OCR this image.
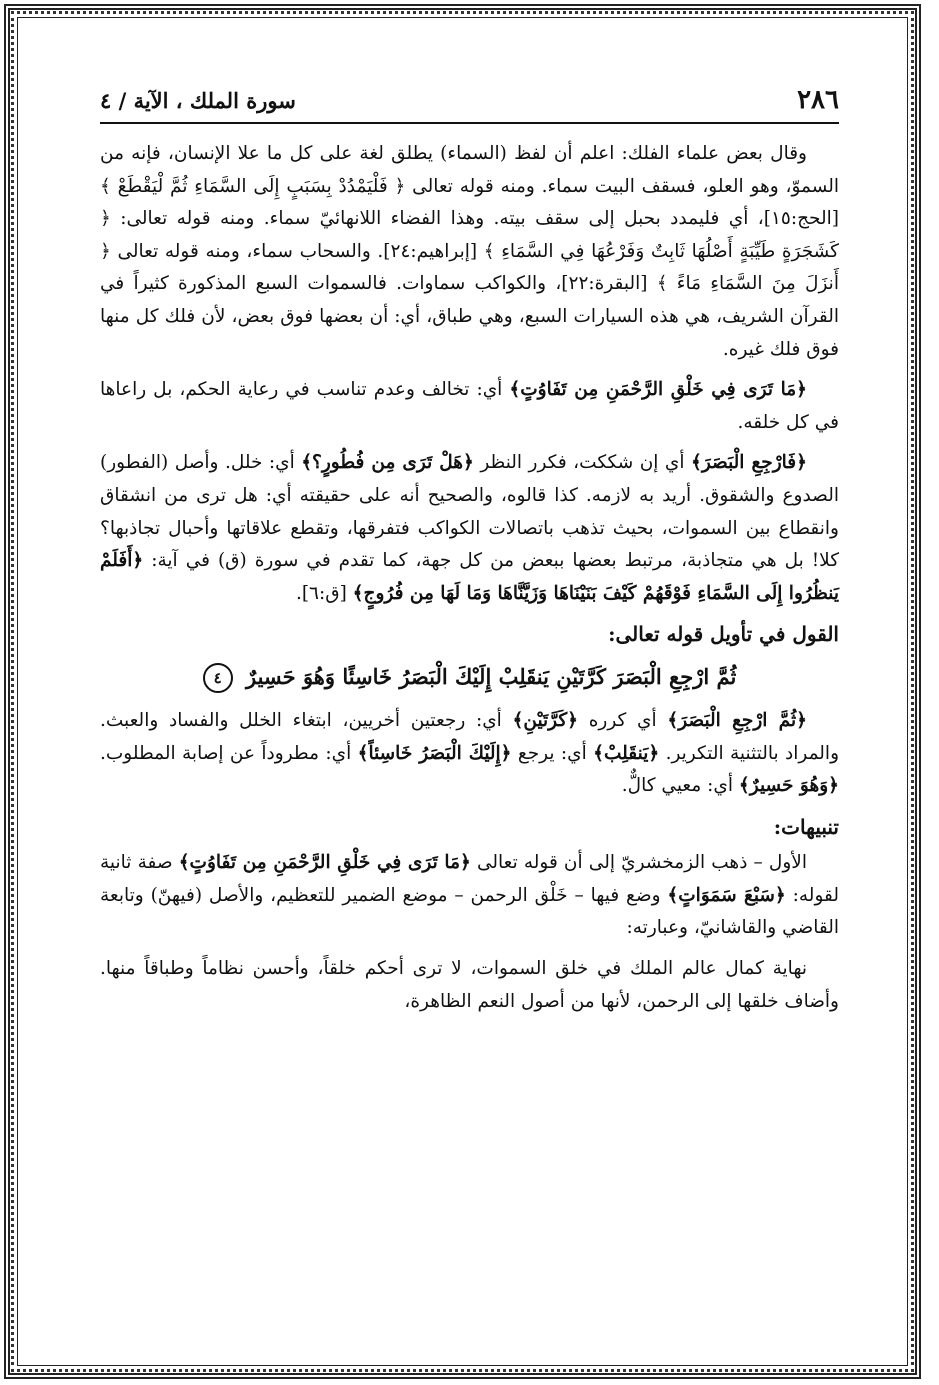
٢٨٦
سورة الملك ، الآية / ٤

وقال بعض علماء الفلك: اعلم أن لفظ (السماء) يطلق لغة على كل ما علا الإنسان، فإنه من السموّ، وهو العلو، فسقف البيت سماء. ومنه قوله تعالى ﴿ فَلْيَمْدُدْ بِسَبَبٍ إِلَى السَّمَاءِ ثُمَّ لْيَقْطَعْ ﴾ [الحج:١٥]، أي فليمدد بحبل إلى سقف بيته. وهذا الفضاء اللانهائيّ سماء. ومنه قوله تعالى: ﴿ كَشَجَرَةٍ طَيِّبَةٍ أَصْلُهَا ثَابِتٌ وَفَرْعُهَا فِي السَّمَاءِ ﴾ [إبراهيم:٢٤]. والسحاب سماء، ومنه قوله تعالى ﴿ أَنزَلَ مِنَ السَّمَاءِ مَاءً ﴾ [البقرة:٢٢]، والكواكب سماوات. فالسموات السبع المذكورة كثيراً في القرآن الشريف، هي هذه السيارات السبع، وهي طباق، أي: أن بعضها فوق بعض، لأن فلك كل منها فوق فلك غيره.

﴿مَا تَرَى فِي خَلْقِ الرَّحْمَنِ مِن تَفَاوُتٍ﴾ أي: تخالف وعدم تناسب في رعاية الحكم، بل راعاها في كل خلقه.

﴿فَارْجِعِ الْبَصَرَ﴾ أي إن شككت، فكرر النظر ﴿هَلْ تَرَى مِن فُطُورٍ؟﴾ أي: خلل. وأصل (الفطور) الصدوع والشقوق. أريد به لازمه. كذا قالوه، والصحيح أنه على حقيقته أي: هل ترى من انشقاق وانقطاع بين السموات، بحيث تذهب باتصالات الكواكب فتفرقها، وتقطع علاقاتها وأحبال تجاذبها؟ كلا! بل هي متجاذبة، مرتبط بعضها ببعض من كل جهة، كما تقدم في سورة (ق) في آية: ﴿أَفَلَمْ يَنظُرُوا إِلَى السَّمَاءِ فَوْقَهُمْ كَيْفَ بَنَيْنَاهَا وَزَيَّنَّاهَا وَمَا لَهَا مِن فُرُوجٍ﴾ [ق:٦].

القول في تأويل قوله تعالى:
ثُمَّ ارْجِعِ الْبَصَرَ كَرَّتَيْنِ يَنقَلِبْ إِلَيْكَ الْبَصَرُ خَاسِئًا وَهُوَ حَسِيرٌ ٤

﴿ثُمَّ ارْجِعِ الْبَصَرَ﴾ أي كرره ﴿كَرَّتَيْنِ﴾ أي: رجعتين أخريين، ابتغاء الخلل والفساد والعبث. والمراد بالتثنية التكرير. ﴿يَنقَلِبْ﴾ أي: يرجع ﴿إِلَيْكَ الْبَصَرُ خَاسِئاً﴾ أي: مطروداً عن إصابة المطلوب. ﴿وَهُوَ حَسِيرٌ﴾ أي: معيي كالٌّ.

تنبيهات:

الأول – ذهب الزمخشريّ إلى أن قوله تعالى ﴿مَا تَرَى فِي خَلْقِ الرَّحْمَنِ مِن تَفَاوُتٍ﴾ صفة ثانية لقوله: ﴿سَبْعَ سَمَوَاتٍ﴾ وضع فيها – خَلْق الرحمن – موضع الضمير للتعظيم، والأصل (فيهنّ) وتابعة القاضي والقاشانيّ، وعبارته:

نهاية كمال عالم الملك في خلق السموات، لا ترى أحكم خلقاً، وأحسن نظاماً وطباقاً منها. وأضاف خلقها إلى الرحمن، لأنها من أصول النعم الظاهرة،
